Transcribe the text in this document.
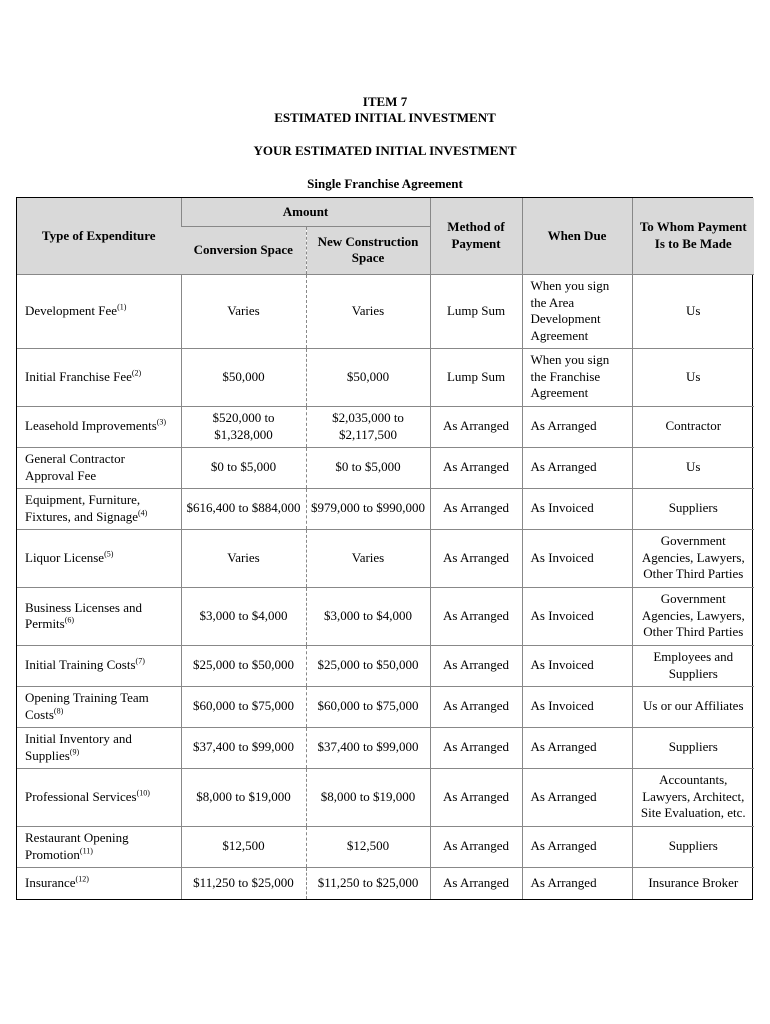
ITEM 7
ESTIMATED INITIAL INVESTMENT
YOUR ESTIMATED INITIAL INVESTMENT
Single Franchise Agreement
Type of Expenditure	Amount		Method of Payment	When Due	To Whom Payment Is to Be Made
	Conversion Space	New Construction Space			
Development Fee$^{(1)}$	Varies	Varies	Lump Sum	When you sign the Area Development Agreement	Us
Initial Franchise Fee$^{(2)}$	$50,000	$50,000	Lump Sum	When you sign the Franchise Agreement	Us
Leasehold Improvements$^{(3)}$	$520,000 to $1,328,000	$2,035,000 to $2,117,500	As Arranged	As Arranged	Contractor
General Contractor Approval Fee	$0 to $5,000	$0 to $5,000	As Arranged	As Arranged	Us
Equipment, Furniture, Fixtures, and Signage$^{(4)}$	$616,400 to $884,000	$979,000 to $990,000	As Arranged	As Invoiced	Suppliers
Liquor License$^{(5)}$	Varies	Varies	As Arranged	As Invoiced	Government Agencies, Lawyers, Other Third Parties
Business Licenses and Permits$^{(6)}$	$3,000 to $4,000	$3,000 to $4,000	As Arranged	As Invoiced	Government Agencies, Lawyers, Other Third Parties
Initial Training Costs$^{(7)}$	$25,000 to $50,000	$25,000 to $50,000	As Arranged	As Invoiced	Employees and Suppliers
Opening Training Team Costs$^{(8)}$	$60,000 to $75,000	$60,000 to $75,000	As Arranged	As Invoiced	Us or our Affiliates
Initial Inventory and Supplies$^{(9)}$	$37,400 to $99,000	$37,400 to $99,000	As Arranged	As Arranged	Suppliers
Professional Services$^{(10)}$	$8,000 to $19,000	$8,000 to $19,000	As Arranged	As Arranged	Accountants, Lawyers, Architect, Site Evaluation, etc.
Restaurant Opening Promotion$^{(11)}$	$12,500	$12,500	As Arranged	As Arranged	Suppliers
Insurance$^{(12)}$	$11,250 to $25,000	$11,250 to $25,000	As Arranged	As Arranged	Insurance Broker
